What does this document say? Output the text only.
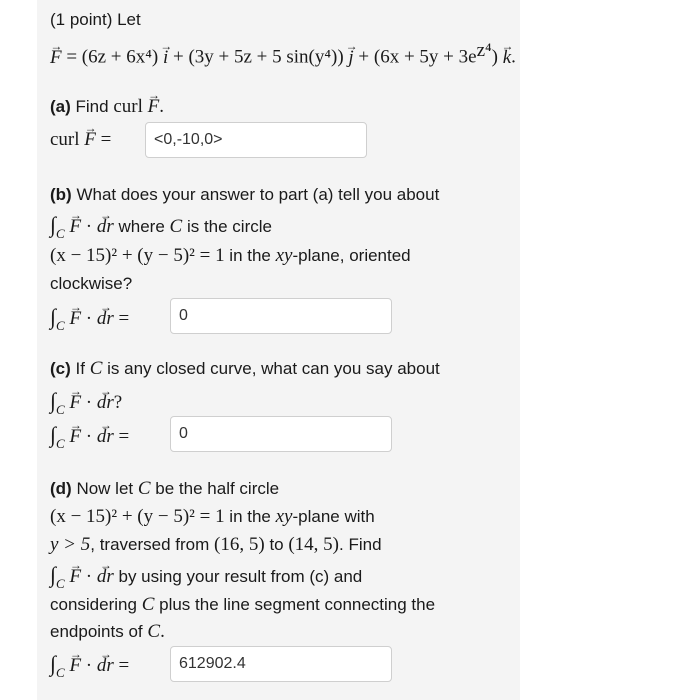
(1 point) Let
→ F = (6z + 6x⁴) → i + (3y + 5z + 5 $\sin(y^4)) \to j + (6x + 5y + 3e^{z^4}) \to k$.
(a) Find curl → F.
curl → F =	<0,-10,0>
(b) What does your answer to part (a) tell you about
$\int_C \to F$ · → dr where C is the circle
(x − 15)² + (y − 5)² = 1 in the xy-plane, oriented
clockwise?
$\int_C \to F$ · → dr =	0
(c) If C is any closed curve, what can you say about
$\int_C \to F$ · → dr?
$\int_C \to F$ · → dr =	0
(d) Now let C be the half circle
(x − 15)² + (y − 5)² = 1 in the xy-plane with
y > 5, traversed from (16, 5) to (14, 5). Find
$\int_C \to F$ · → dr by using your result from (c) and
considering C plus the line segment connecting the
endpoints of C.
$\int_C \to F$ · → dr =	612902.4
